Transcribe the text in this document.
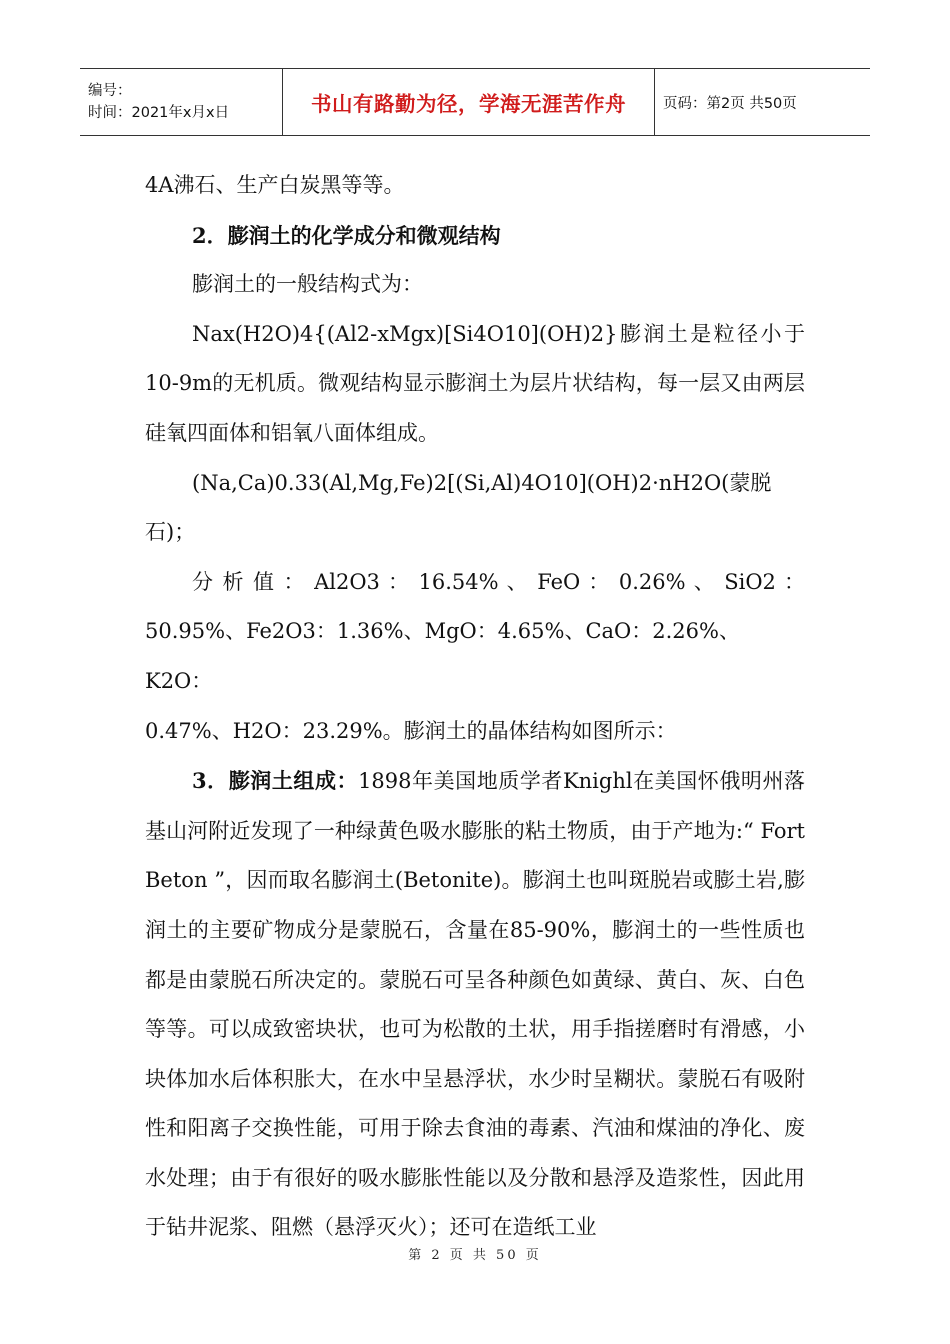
编号：
时间：2021年x月x日	书山有路勤为径，学海无涯苦作舟	页码：第2页 共50页

4A沸石、生产白炭黑等等。

2．膨润土的化学成分和微观结构

膨润土的一般结构式为：

Nax(H2O)4{(Al2-xMgx)[Si4O10](OH)2}膨润土是粒径小于10-9m的无机质。微观结构显示膨润土为层片状结构，每一层又由两层硅氧四面体和铝氧八面体组成。

(Na,Ca)0.33(Al,Mg,Fe)2[(Si,Al)4O10](OH)2·nH2O(蒙脱石)；

分 析 值 ： Al2O3 ： 16.54% 、 FeO ： 0.26% 、 SiO2 ：

50.95%、Fe2O3：1.36%、MgO：4.65%、CaO：2.26%、K2O：

0.47%、H2O：23.29%。膨润土的晶体结构如图所示：

3．膨润土组成：1898年美国地质学者Knighl在美国怀俄明州落基山河附近发现了一种绿黄色吸水膨胀的粘土物质，由于产地为:“ Fort Beton ”，因而取名膨润土(Betonite)。膨润土也叫斑脱岩或膨土岩,膨润土的主要矿物成分是蒙脱石，含量在85-90%，膨润土的一些性质也都是由蒙脱石所决定的。蒙脱石可呈各种颜色如黄绿、黄白、灰、白色等等。可以成致密块状，也可为松散的土状，用手指搓磨时有滑感，小块体加水后体积胀大，在水中呈悬浮状，水少时呈糊状。蒙脱石有吸附性和阳离子交换性能，可用于除去食油的毒素、汽油和煤油的净化、废水处理；由于有很好的吸水膨胀性能以及分散和悬浮及造浆性，因此用于钻井泥浆、阻燃（悬浮灭火）；还可在造纸工业

第 2 页 共 50 页
